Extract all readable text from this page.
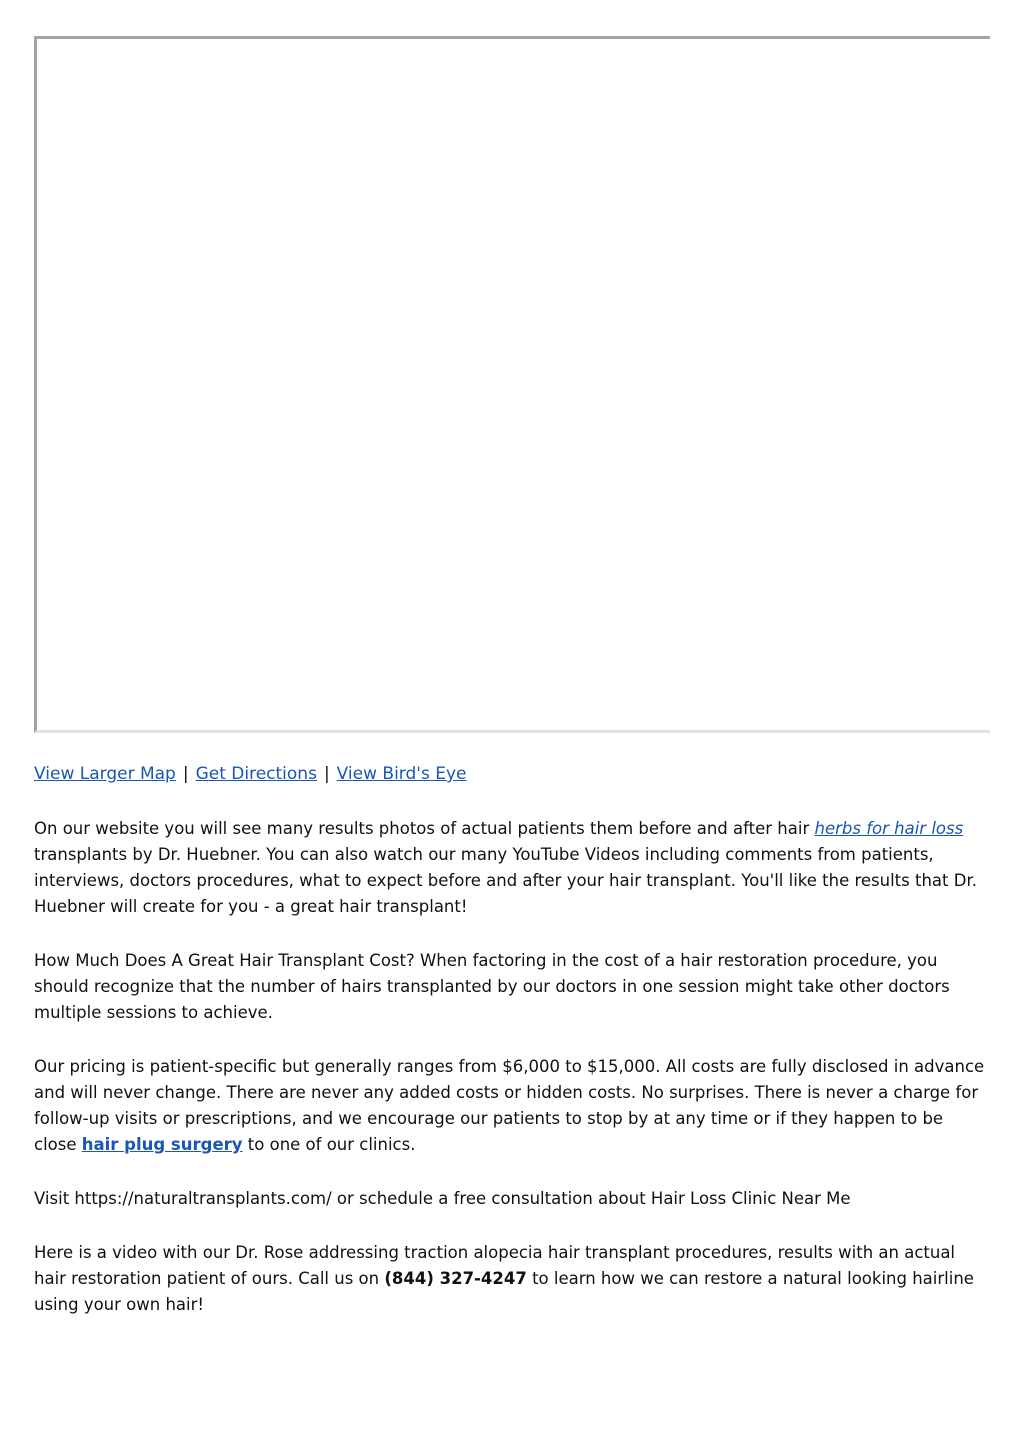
View Larger Map | Get Directions | View Bird's Eye

On our website you will see many results photos of actual patients them before and after hair herbs for hair loss transplants by Dr. Huebner. You can also watch our many YouTube Videos including comments from patients, interviews, doctors procedures, what to expect before and after your hair transplant. You'll like the results that Dr. Huebner will create for you - a great hair transplant!

How Much Does A Great Hair Transplant Cost? When factoring in the cost of a hair restoration procedure, you should recognize that the number of hairs transplanted by our doctors in one session might take other doctors multiple sessions to achieve.

Our pricing is patient-specific but generally ranges from $6,000 to $15,000. All costs are fully disclosed in advance and will never change. There are never any added costs or hidden costs. No surprises. There is never a charge for follow-up visits or prescriptions, and we encourage our patients to stop by at any time or if they happen to be close hair plug surgery to one of our clinics.

Visit https://naturaltransplants.com/ or schedule a free consultation about Hair Loss Clinic Near Me

Here is a video with our Dr. Rose addressing traction alopecia hair transplant procedures, results with an actual hair restoration patient of ours. Call us on (844) 327-4247 to learn how we can restore a natural looking hairline using your own hair!
